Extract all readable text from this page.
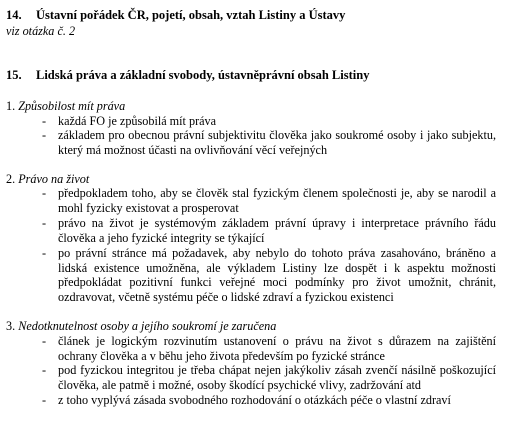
14. Ústavní pořádek ČR, pojetí, obsah, vztah Listiny a Ústavy
viz otázka č. 2
15. Lidská práva a základní svobody, ústavněprávní obsah Listiny
1. Způsobilost mít práva
- každá FO je způsobilá mít práva
- základem pro obecnou právní subjektivitu člověka jako soukromé osoby i jako subjektu, který má možnost účasti na ovlivňování věcí veřejných
2. Právo na život
- předpokladem toho, aby se člověk stal fyzickým členem společnosti je, aby se narodil a mohl fyzicky existovat a prosperovat
- právo na život je systémovým základem právní úpravy i interpretace právního řádu člověka a jeho fyzické integrity se týkající
- po právní stránce má požadavek, aby nebylo do tohoto práva zasahováno, bráněno a lidská existence umožněna, ale výkladem Listiny lze dospět i k aspektu možnosti předpokládat pozitivní funkci veřejné moci podmínky pro život umožnit, chránit, ozdravovat, včetně systému péče o lidské zdraví a fyzickou existenci
3. Nedotknutelnost osoby a jejího soukromí je zaručena
- článek je logickým rozvinutím ustanovení o právu na život s důrazem na zajištění ochrany člověka a v běhu jeho života především po fyzické stránce
- pod fyzickou integritou je třeba chápat nejen jakýkoliv zásah zvenčí násilně poškozující člověka, ale patmě i možné, osoby škodící psychické vlivy, zadržování atd
- z toho vyplývá zásada svobodného rozhodování o otázkách péče o vlastní zdraví
